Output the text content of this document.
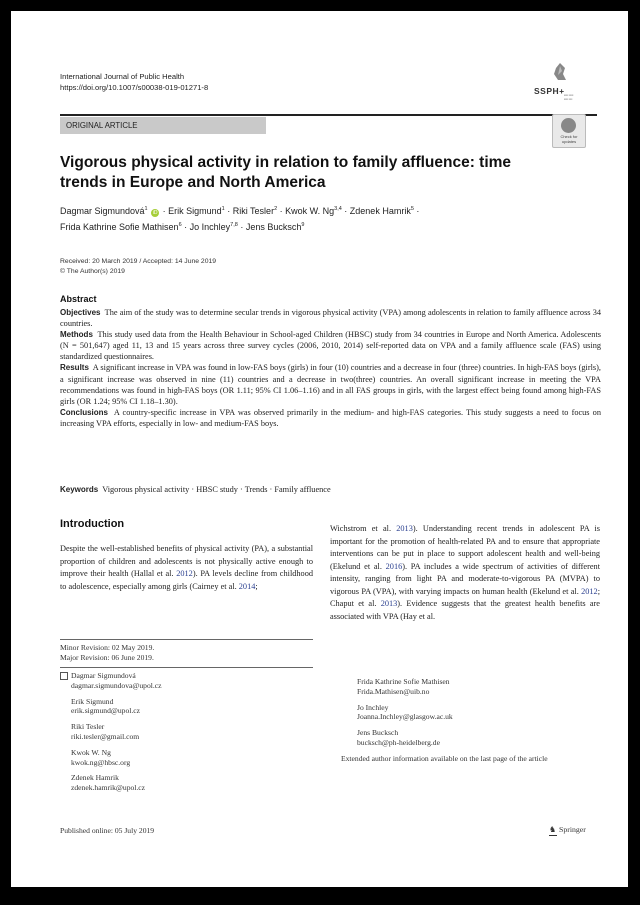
International Journal of Public Health
https://doi.org/10.1007/s00038-019-01271-8	SSPH+ ▪▪▪▪ ▪▪▪▪
▪▪▪▪ ▪▪▪
ORIGINAL ARTICLE
Check for updates
Vigorous physical activity in relation to family affluence: time trends in Europe and North America
Dagmar Sigmundová$^1$ iD · Erik Sigmund$^1$ · Riki Tesler$^2$ · Kwok W. Ng$^{3,4}$ · Zdenek Hamrik$^5$ ·
Frida Kathrine Sofie Mathisen$^6$ · Jo Inchley$^{7,8}$ · Jens Bucksch$^9$
Received: 20 March 2019 / Accepted: 14 June 2019
© The Author(s) 2019
Abstract

Objectives The aim of the study was to determine secular trends in vigorous physical activity (VPA) among adolescents in relation to family affluence across 34 countries.

Methods This study used data from the Health Behaviour in School-aged Children (HBSC) study from 34 countries in Europe and North America. Adolescents (N = 501,647) aged 11, 13 and 15 years across three survey cycles (2006, 2010, 2014) self-reported data on VPA and a family affluence scale (FAS) using standardized questionnaires.

Results A significant increase in VPA was found in low-FAS boys (girls) in four (10) countries and a decrease in four (three) countries. In high-FAS boys (girls), a significant increase was observed in nine (11) countries and a decrease in two(three) countries. An overall significant increase in meeting the VPA recommendations was found in high-FAS boys (OR 1.11; 95% CI 1.06–1.16) and in all FAS groups in girls, with the largest effect being found among high-FAS girls (OR 1.24; 95% CI 1.18–1.30).

Conclusions A country-specific increase in VPA was observed primarily in the medium- and high-FAS categories. This study suggests a need to focus on increasing VPA efforts, especially in low- and medium-FAS boys.

Keywords Vigorous physical activity · HBSC study · Trends · Family affluence
Introduction
Despite the well-established benefits of physical activity (PA), a substantial proportion of children and adolescents is not physically active enough to improve their health (Hallal et al. 2012). PA levels decline from childhood to adolescence, especially among girls (Cairney et al. 2014;
Wichstrom et al. 2013). Understanding recent trends in adolescent PA is important for the promotion of health-related PA and to ensure that appropriate interventions can be put in place to support adolescent health and well-being (Ekelund et al. 2016). PA includes a wide spectrum of activities of different intensity, ranging from light PA and moderate-to-vigorous PA (MVPA) to vigorous PA (VPA), with varying impacts on human health (Ekelund et al. 2012; Chaput et al. 2013). Evidence suggests that the greatest health benefits are associated with VPA (Hay et al.
Minor Revision: 02 May 2019.
Major Revision: 06 June 2019.
Dagmar Sigmundová
dagmar.sigmundova@upol.cz
Erik Sigmund
erik.sigmund@upol.cz
Riki Tesler
riki.tesler@gmail.com
Kwok W. Ng
kwok.ng@hbsc.org
Zdenek Hamrik
zdenek.hamrik@upol.cz
Frida Kathrine Sofie Mathisen
Frida.Mathisen@uib.no
Jo Inchley
Joanna.Inchley@glasgow.ac.uk
Jens Bucksch
bucksch@ph-heidelberg.de
Extended author information available on the last page of the article
Published online: 05 July 2019	♞ Springer
